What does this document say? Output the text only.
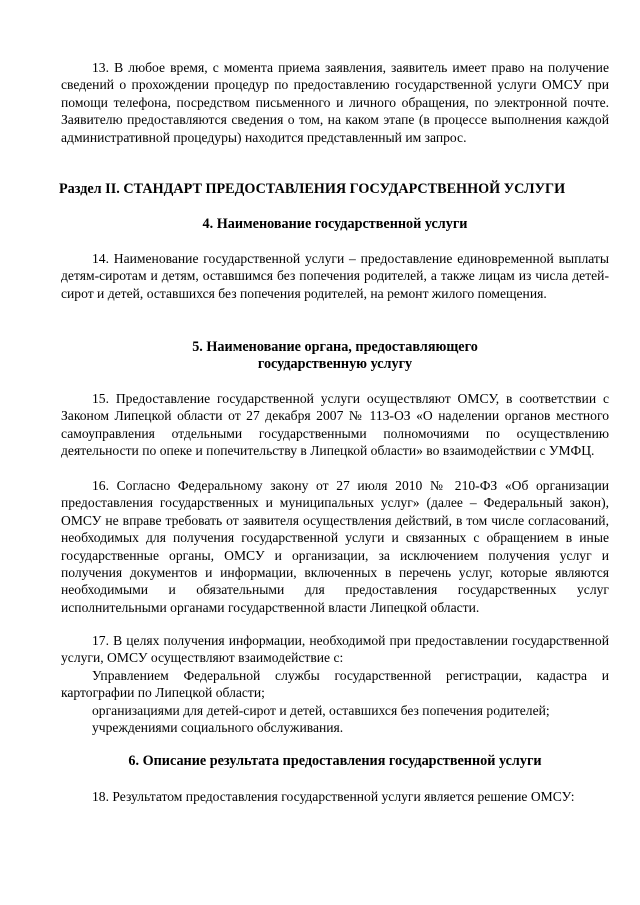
13. В любое время, с момента приема заявления, заявитель имеет право на получение сведений о прохождении процедур по предоставлению государственной услуги ОМСУ при помощи телефона, посредством письменного и личного обращения, по электронной почте. Заявителю предоставляются сведения о том, на каком этапе (в процессе выполнения каждой административной процедуры) находится представленный им запрос.

Раздел II. СТАНДАРТ ПРЕДОСТАВЛЕНИЯ ГОСУДАРСТВЕННОЙ УСЛУГИ

4. Наименование государственной услуги

14. Наименование государственной услуги – предоставление единовременной выплаты детям-сиротам и детям, оставшимся без попечения родителей, а также лицам из числа детей-сирот и детей, оставшихся без попечения родителей, на ремонт жилого помещения.

5. Наименование органа, предоставляющего

государственную услугу

15. Предоставление государственной услуги осуществляют ОМСУ, в соответствии с Законом Липецкой области от 27 декабря 2007 № 113-ОЗ «О наделении органов местного самоуправления отдельными государственными полномочиями по осуществлению деятельности по опеке и попечительству в Липецкой области» во взаимодействии с УМФЦ.

16. Согласно Федеральному закону от 27 июля 2010 № 210-ФЗ «Об организации предоставления государственных и муниципальных услуг» (далее – Федеральный закон), ОМСУ не вправе требовать от заявителя осуществления действий, в том числе согласований, необходимых для получения государственной услуги и связанных с обращением в иные государственные органы, ОМСУ и организации, за исключением получения услуг и получения документов и информации, включенных в перечень услуг, которые являются необходимыми и обязательными для предоставления государственных услуг исполнительными органами государственной власти Липецкой области.

17. В целях получения информации, необходимой при предоставлении государственной услуги, ОМСУ осуществляют взаимодействие с:

Управлением Федеральной службы государственной регистрации, кадастра и картографии по Липецкой области;

организациями для детей-сирот и детей, оставшихся без попечения родителей;

учреждениями социального обслуживания.

6. Описание результата предоставления государственной услуги

18. Результатом предоставления государственной услуги является решение ОМСУ:
